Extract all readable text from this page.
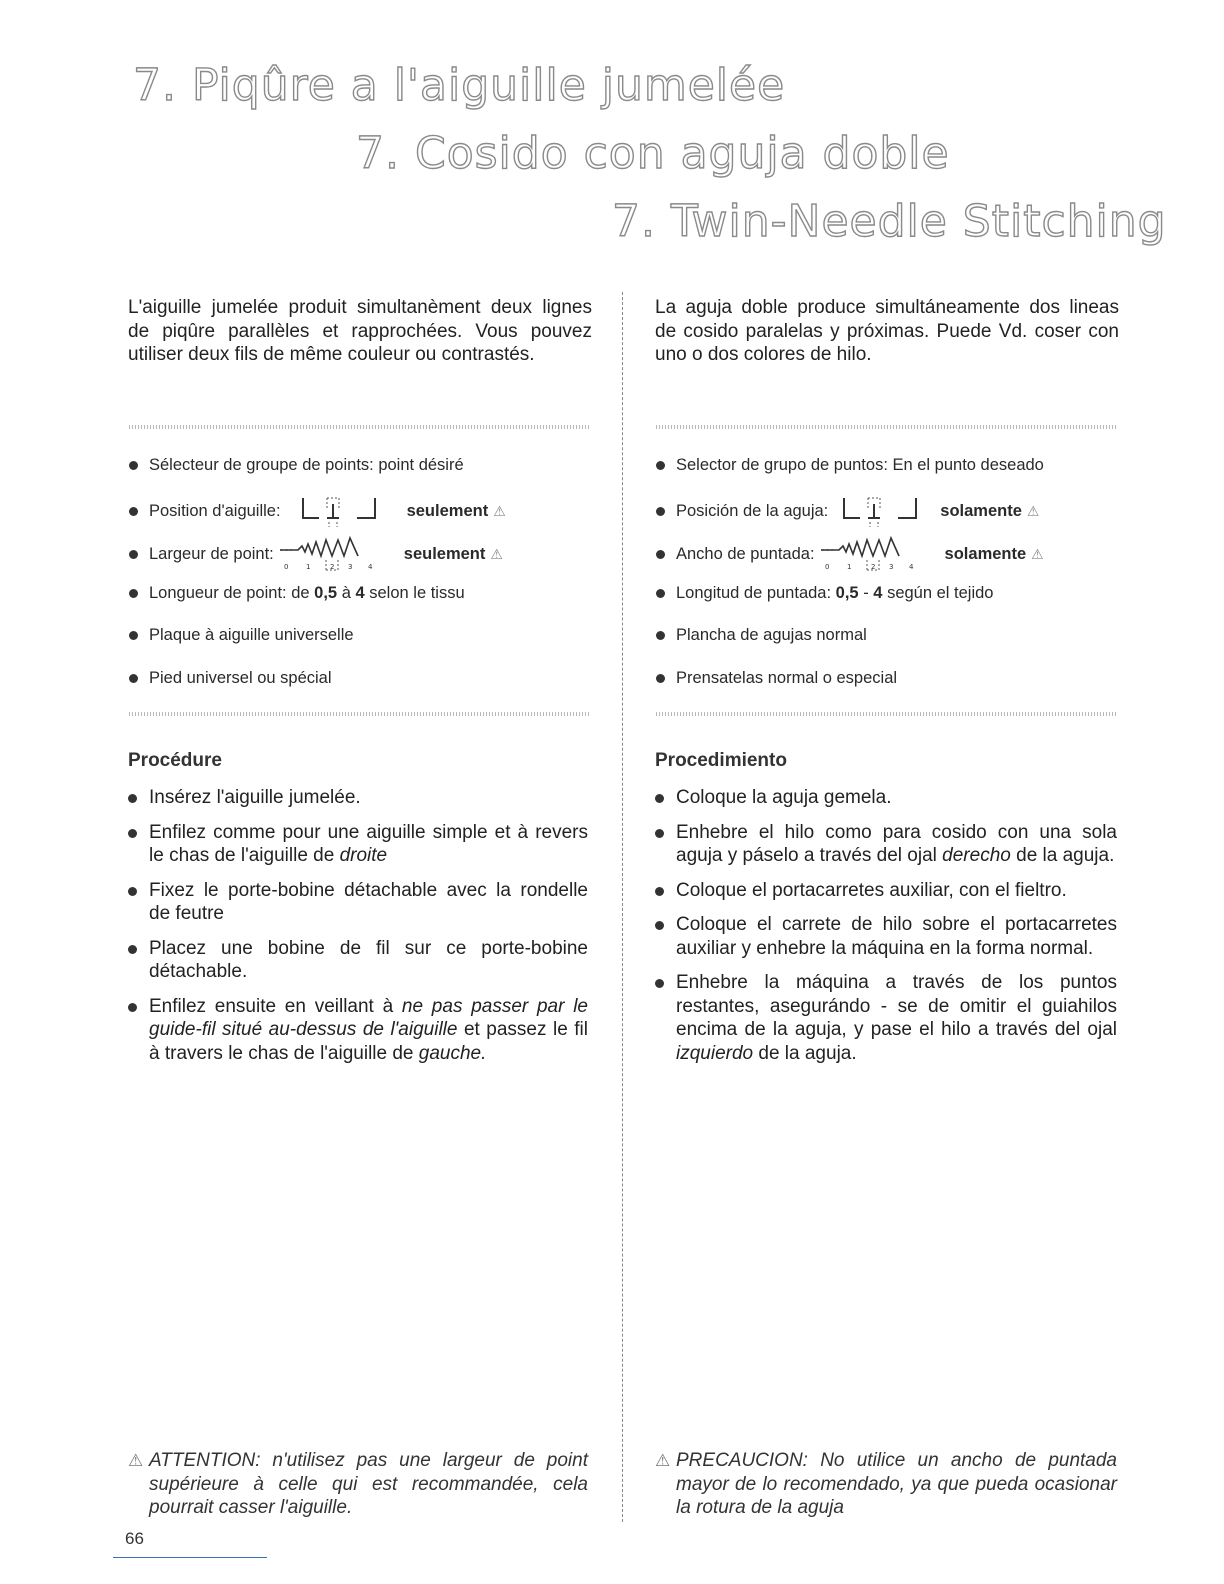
7. Piqûre a l'aiguille jumelée
7. Cosido con aguja doble
7. Twin-Needle Stitching

L'aiguille jumelée produit simultanèment deux lignes de piqûre parallèles et rapprochées. Vous pouvez utiliser deux fils de même couleur ou contrastés.

Sélecteur de groupe de points: point désiré
Position d'aiguille:	seulement ⚠
Largeur de point:
0	1	2 3 4
seulement ⚠
Longueur de point: de
0,5
à
4
selon le tissu
Plaque à aiguille universelle
Pied universel ou spécial
Procédure
Insérez l'aiguille jumelée.
Enfilez comme pour une aiguille simple et à revers le chas de l'aiguille de droite
Fixez le porte-bobine détachable avec la rondelle de feutre
Placez une bobine de fil sur ce porte-bobine détachable.
Enfilez ensuite en veillant à ne pas passer par le guide-fil situé au-dessus de l'aiguille et passez le fil à travers le chas de l'aiguille de gauche.
⚠ ATTENTION: n'utilisez pas une largeur de point supérieure à celle qui est recommandée, cela pourrait casser l'aiguille.

La aguja doble produce simultáneamente dos lineas de cosido paralelas y próximas. Puede Vd. coser con uno o dos colores de hilo.

Selector de grupo de puntos: En el punto deseado
Posición de la aguja:	solamente ⚠
Ancho de puntada:
0	1	2 3 4
solamente ⚠
Longitud de puntada:
0,5
-
4
según el tejido
Plancha de agujas normal
Prensatelas normal o especial
Procedimiento
Coloque la aguja gemela.
Enhebre el hilo como para cosido con una sola aguja y páselo a través del ojal derecho de la aguja.
Coloque el portacarretes auxiliar, con el fieltro.
Coloque el carrete de hilo sobre el portacarretes auxiliar y enhebre la máquina en la forma normal.
Enhebre la máquina a través de los puntos restantes, asegurándo - se de omitir el guiahilos encima de la aguja, y pase el hilo a través del ojal izquierdo de la aguja.
⚠ PRECAUCION: No utilice un ancho de puntada mayor de lo recomendado, ya que pueda ocasionar la rotura de la aguja
66
